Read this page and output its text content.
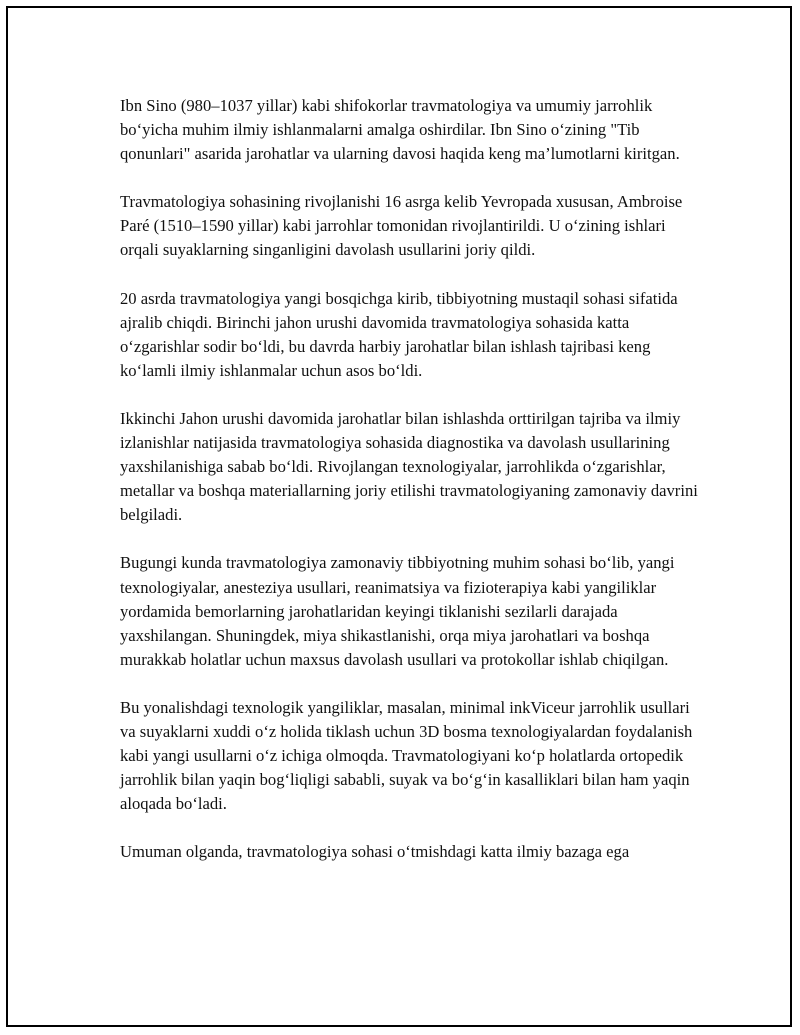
Ibn Sino (980–1037 yillar) kabi shifokorlar travmatologiya va umumiy jarrohlik bo‘yicha muhim ilmiy ishlanmalarni amalga oshirdilar. Ibn Sino o‘zining "Tib qonunlari" asarida jarohatlar va ularning davosi haqida keng ma’lumotlarni kiritgan.

Travmatologiya sohasining rivojlanishi 16 asrga kelib Yevropada xususan, Ambroise Paré (1510–1590 yillar) kabi jarrohlar tomonidan rivojlantirildi. U o‘zining ishlari orqali suyaklarning singanligini davolash usullarini joriy qildi.

20 asrda travmatologiya yangi bosqichga kirib, tibbiyotning mustaqil sohasi sifatida ajralib chiqdi. Birinchi jahon urushi davomida travmatologiya sohasida katta o‘zgarishlar sodir bo‘ldi, bu davrda harbiy jarohatlar bilan ishlash tajribasi keng ko‘lamli ilmiy ishlanmalar uchun asos bo‘ldi.

Ikkinchi Jahon urushi davomida jarohatlar bilan ishlashda orttirilgan tajriba va ilmiy izlanishlar natijasida travmatologiya sohasida diagnostika va davolash usullarining yaxshilanishiga sabab bo‘ldi. Rivojlangan texnologiyalar, jarrohlikda o‘zgarishlar, metallar va boshqa materiallarning joriy etilishi travmatologiyaning zamonaviy davrini belgiladi.

Bugungi kunda travmatologiya zamonaviy tibbiyotning muhim sohasi bo‘lib, yangi texnologiyalar, anesteziya usullari, reanimatsiya va fizioterapiya kabi yangiliklar yordamida bemorlarning jarohatlaridan keyingi tiklanishi sezilarli darajada yaxshilangan. Shuningdek, miya shikastlanishi, orqa miya jarohatlari va boshqa murakkab holatlar uchun maxsus davolash usullari va protokollar ishlab chiqilgan.

Bu yonalishdagi texnologik yangiliklar, masalan, minimal inkViceur jarrohlik usullari va suyaklarni xuddi o‘z holida tiklash uchun 3D bosma texnologiyalardan foydalanish kabi yangi usullarni o‘z ichiga olmoqda. Travmatologiyani ko‘p holatlarda ortopedik jarrohlik bilan yaqin bog‘liqligi sababli, suyak va bo‘g‘in kasalliklari bilan ham yaqin aloqada bo‘ladi.

Umuman olganda, travmatologiya sohasi o‘tmishdagi katta ilmiy bazaga ega
